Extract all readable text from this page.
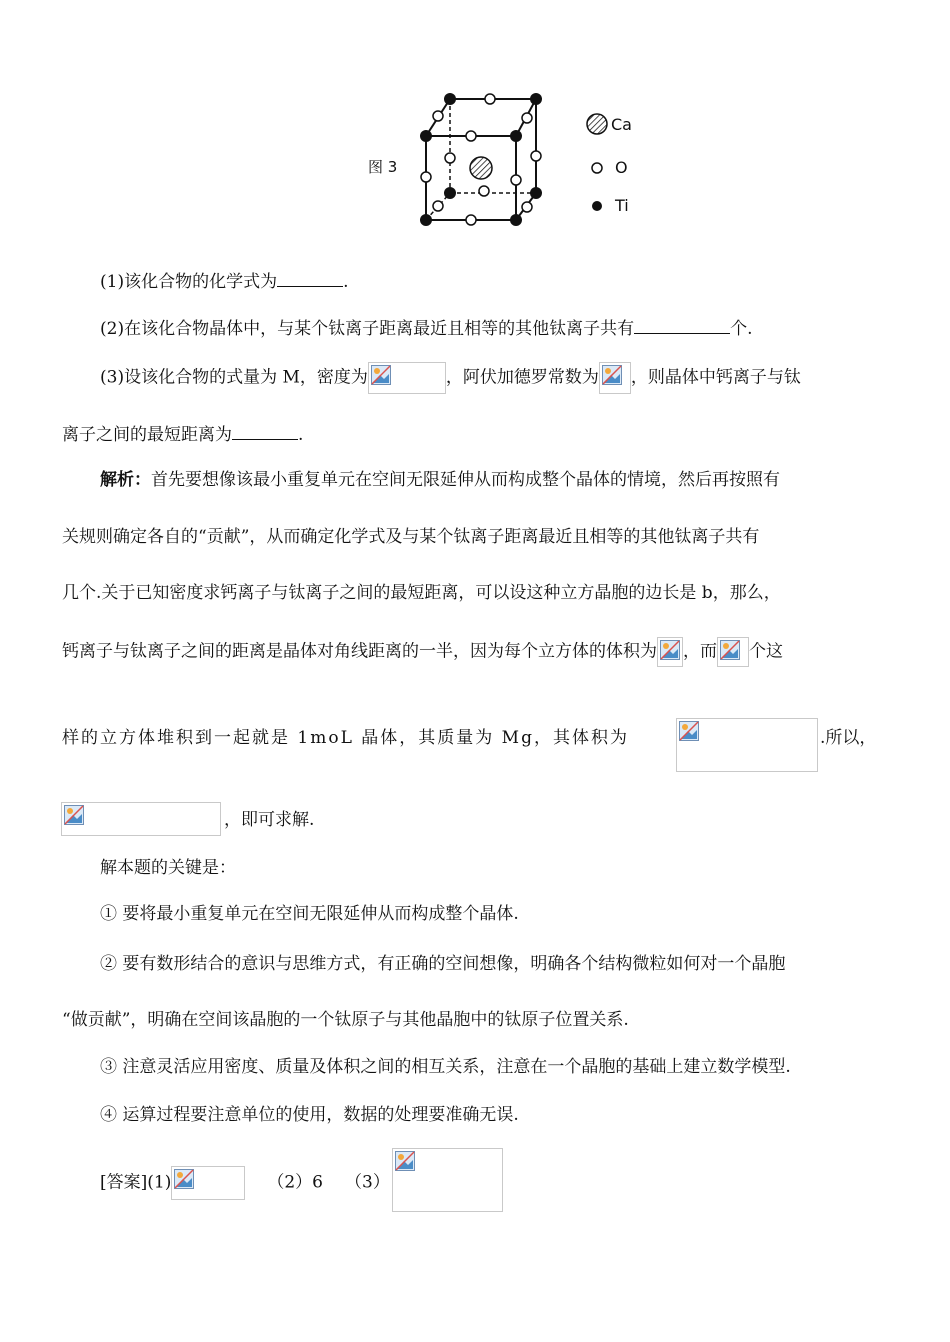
图 3
Ca
O
Ti
(1)该化合物的化学式为	.
(2)在该化合物晶体中，与某个钛离子距离最近且相等的其他钛离子共有	个.
(3)设该化合物的式量为 M，密度为	，阿伏加德罗常数为 ，则晶体中钙离子与钛
离子之间的最短距离为	.
解析：首先要想像该最小重复单元在空间无限延伸从而构成整个晶体的情境，然后再按照有
关规则确定各自的“贡献”，从而确定化学式及与某个钛离子距离最近且相等的其他钛离子共有
几个.关于已知密度求钙离子与钛离子之间的最短距离，可以设这种立方晶胞的边长是 b，那么，
钙离子与钛离子之间的距离是晶体对角线距离的一半，因为每个立方体的体积为 ，而 个这
样的立方体堆积到一起就是 1moL 晶体，其质量为 Mg，其体积为	.所以，
，即可求解.
解本题的关键是：
① 要将最小重复单元在空间无限延伸从而构成整个晶体.
② 要有数形结合的意识与思维方式，有正确的空间想像，明确各个结构微粒如何对一个晶胞
“做贡献”，明确在空间该晶胞的一个钛原子与其他晶胞中的钛原子位置关系.
③ 注意灵活应用密度、质量及体积之间的相互关系，注意在一个晶胞的基础上建立数学模型.
④ 运算过程要注意单位的使用，数据的处理要准确无误.
[答案](1)	（2）6 （3）
